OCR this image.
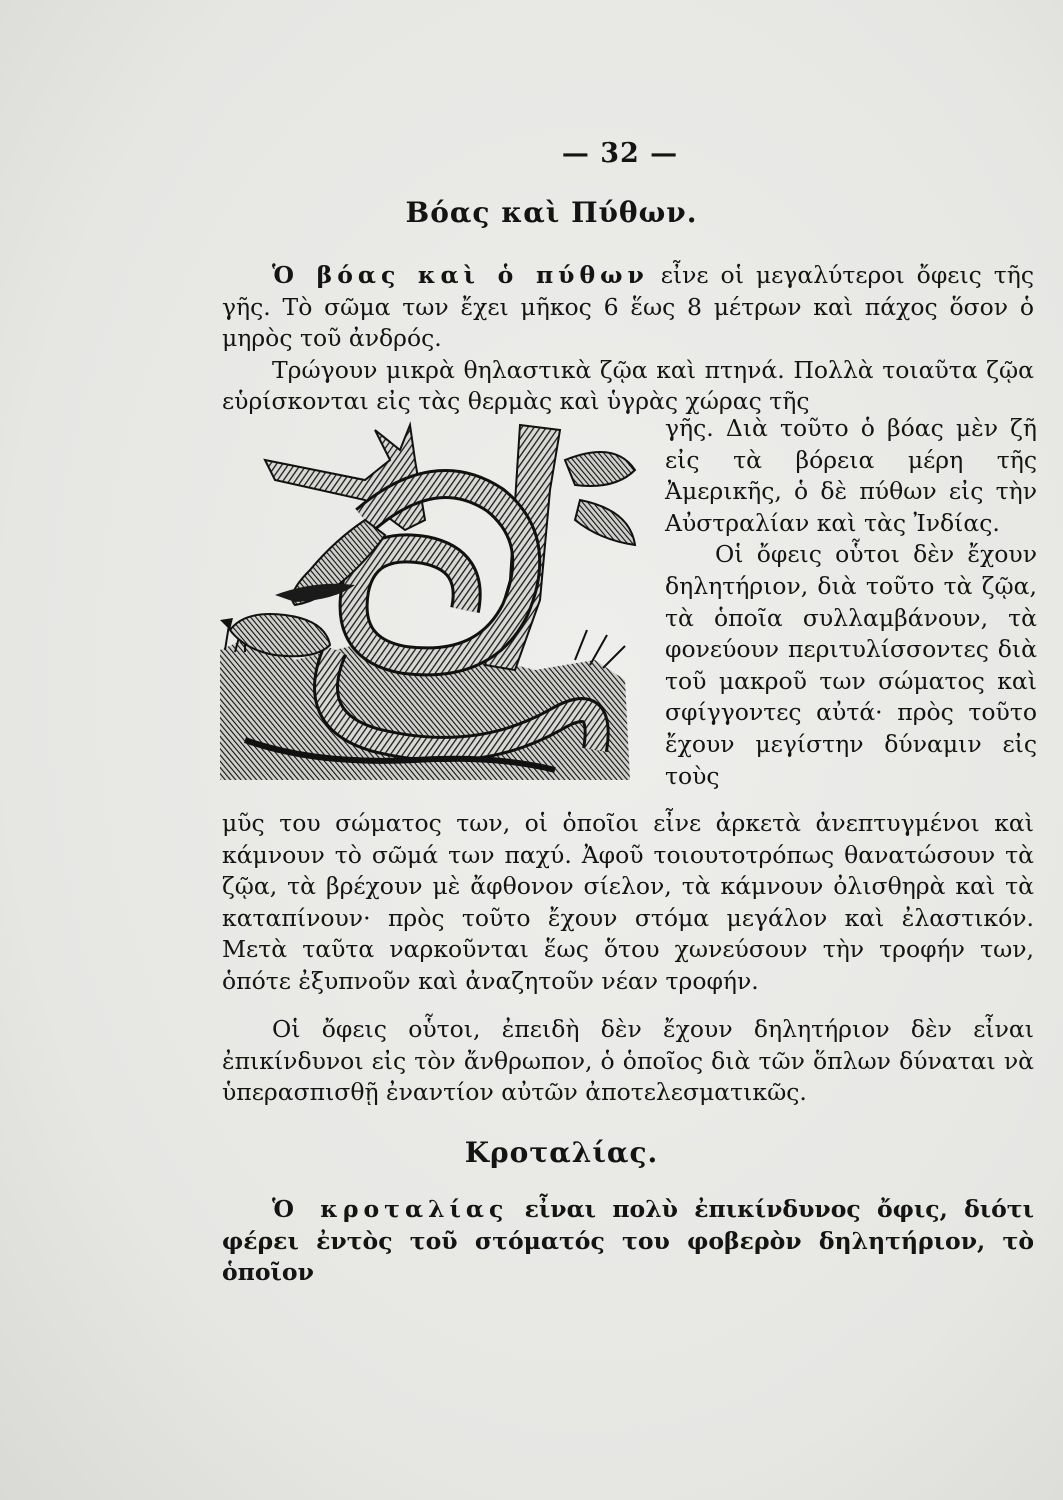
— 32 —
Βόας καὶ Πύθων.

Ὁ βόας καὶ ὁ πύθων εἶνε οἱ μεγαλύτεροι ὄφεις τῆς γῆς. Τὸ σῶμα των ἔχει μῆκος 6 ἕως 8 μέτρων καὶ πάχος ὅσον ὁ μηρὸς τοῦ ἀνδρός.

Τρώγουν μικρὰ θηλαστικὰ ζῷα καὶ πτηνά. Πολλὰ τοιαῦτα ζῷα εὑρίσκονται εἰς τὰς θερμὰς καὶ ὑγρὰς χώρας τῆς

γῆς. Διὰ τοῦτο ὁ βόας μὲν ζῆ εἰς τὰ βόρεια μέρη τῆς Ἀμερικῆς, ὁ δὲ πύθων εἰς τὴν Αὐστραλίαν καὶ τὰς Ἰνδίας.

Οἱ ὄφεις οὗτοι δὲν ἔχουν δηλητήριον, διὰ τοῦτο τὰ ζῷα, τὰ ὁποῖα συλλαμβάνουν, τὰ φονεύουν περιτυλίσσοντες διὰ τοῦ μακροῦ των σώματος καὶ σφίγγοντες αὐτά· πρὸς τοῦτο ἔχουν μεγίστην δύναμιν εἰς τοὺς

μῦς του σώματος των, οἱ ὁποῖοι εἶνε ἀρκετὰ ἀνεπτυγμένοι καὶ κάμνουν τὸ σῶμά των παχύ. Ἀφοῦ τοιουτοτρόπως θανατώσουν τὰ ζῷα, τὰ βρέχουν μὲ ἄφθονον σίελον, τὰ κάμνουν ὀλισθηρὰ καὶ τὰ καταπίνουν· πρὸς τοῦτο ἔχουν στόμα μεγάλον καὶ ἐλαστικόν. Μετὰ ταῦτα ναρκοῦνται ἕως ὅτου χωνεύσουν τὴν τροφήν των, ὁπότε ἐξυπνοῦν καὶ ἀναζητοῦν νέαν τροφήν.

Οἱ ὄφεις οὗτοι, ἐπειδὴ δὲν ἔχουν δηλητήριον δὲν εἶναι ἐπικίνδυνοι εἰς τὸν ἄνθρωπον, ὁ ὁποῖος διὰ τῶν ὅπλων δύναται νὰ ὑπερασπισθῇ ἐναντίον αὐτῶν ἀποτελεσματικῶς.

Κροταλίας.

Ὁ κροταλίας εἶναι πολὺ ἐπικίνδυνος ὄφις, διότι φέρει ἐντὸς τοῦ στόματός του φοβερὸν δηλητήριον, τὸ ὁποῖον
